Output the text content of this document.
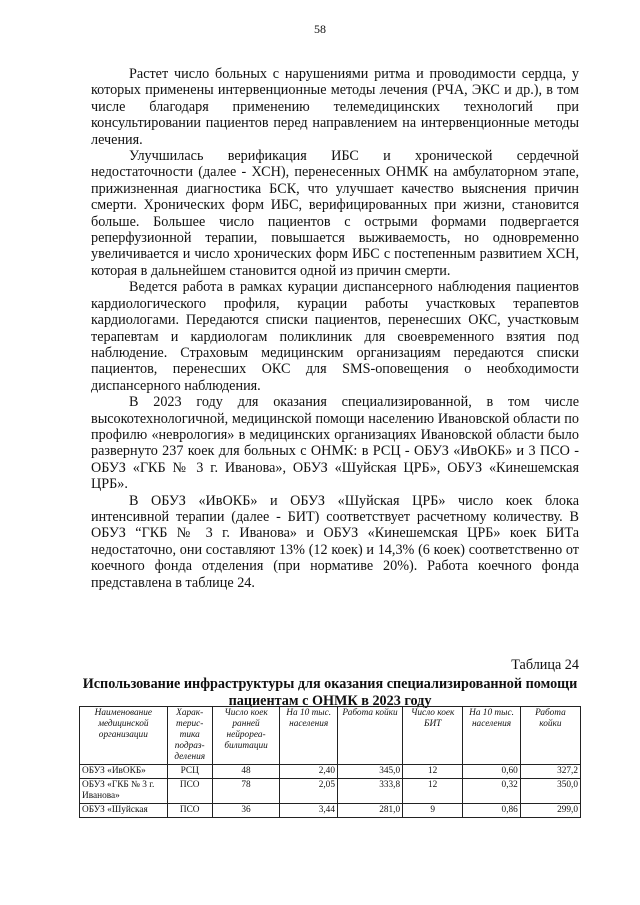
58

Растет число больных с нарушениями ритма и проводимости сердца, у которых применены интервенционные методы лечения (РЧА, ЭКС и др.), в том числе благодаря применению телемедицинских технологий при консультировании пациентов перед направлением на интервенционные методы лечения.

Улучшилась верификация ИБС и хронической сердечной недостаточности (далее - ХСН), перенесенных ОНМК на амбулаторном этапе, прижизненная диагностика БСК, что улучшает качество выяснения причин смерти. Хронических форм ИБС, верифицированных при жизни, становится больше. Большее число пациентов с острыми формами подвергается реперфузионной терапии, повышается выживаемость, но одновременно увеличивается и число хронических форм ИБС с постепенным развитием ХСН, которая в дальнейшем становится одной из причин смерти.

Ведется работа в рамках курации диспансерного наблюдения пациентов кардиологического профиля, курации работы участковых терапевтов кардиологами. Передаются списки пациентов, перенесших ОКС, участковым терапевтам и кардиологам поликлиник для своевременного взятия под наблюдение. Страховым медицинским организациям передаются списки пациентов, перенесших ОКС для SMS-оповещения о необходимости диспансерного наблюдения.

В 2023 году для оказания специализированной, в том числе высокотехнологичной, медицинской помощи населению Ивановской области по профилю «неврология» в медицинских организациях Ивановской области было развернуто 237 коек для больных с ОНМК: в РСЦ - ОБУЗ «ИвОКБ» и 3 ПСО - ОБУЗ «ГКБ № 3 г. Иванова», ОБУЗ «Шуйская ЦРБ», ОБУЗ «Кинешемская ЦРБ».

В ОБУЗ «ИвОКБ» и ОБУЗ «Шуйская ЦРБ» число коек блока интенсивной терапии (далее - БИТ) соответствует расчетному количеству. В ОБУЗ “ГКБ № 3 г. Иванова» и ОБУЗ «Кинешемская ЦРБ» коек БИТа недостаточно, они составляют 13% (12 коек) и 14,3% (6 коек) соответственно от коечного фонда отделения (при нормативе 20%). Работа коечного фонда представлена в таблице 24.

Таблица 24
Использование инфраструктуры для оказания специализированной помощи пациентам с ОНМК в 2023 году
Наименование медицинской организации	Харак-терис-тика подраз-деления	Число коек ранней нейрореа-билитации	На 10 тыс. населения	Работа койки	Число коек БИТ	На 10 тыс. населения	Работа койки
ОБУЗ «ИвОКБ»	РСЦ	48	2,40	345,0	12	0,60	327,2
ОБУЗ «ГКБ № 3 г. Иванова»	ПСО	78	2,05	333,8	12	0,32	350,0
ОБУЗ «Шуйская	ПСО	36	3,44	281,0	9	0,86	299,0
